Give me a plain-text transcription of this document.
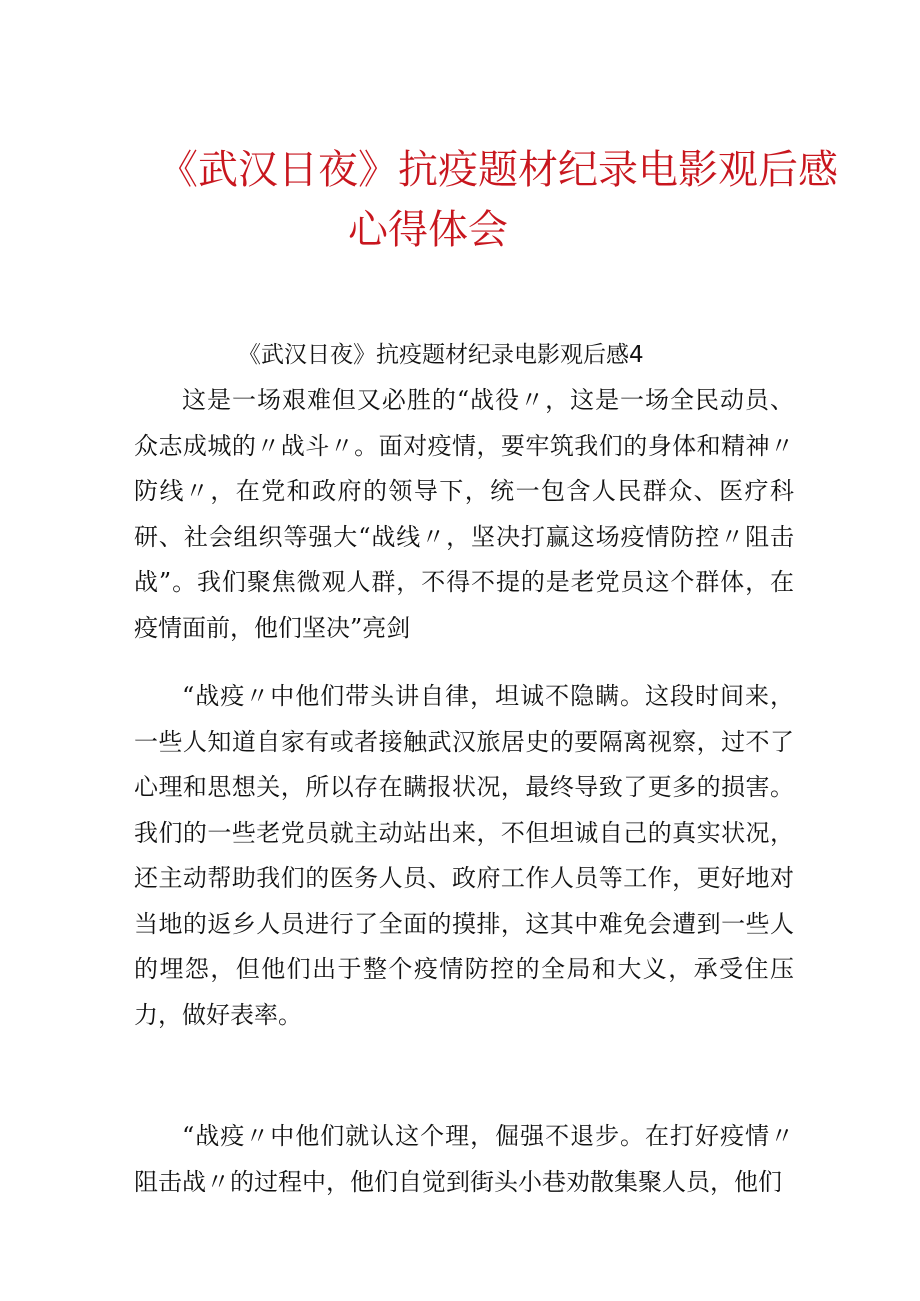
《武汉日夜》抗疫题材纪录电影观后感
心得体会
《武汉日夜》抗疫题材纪录电影观后感4

这是一场艰难但又必胜的“战役〃，这是一场全民动员、众志成城的〃战斗〃。面对疫情，要牢筑我们的身体和精神〃防线〃，在党和政府的领导下，统一包含人民群众、医疗科研、社会组织等强大“战线〃，坚决打赢这场疫情防控〃阻击战”。我们聚焦微观人群，不得不提的是老党员这个群体，在疫情面前，他们坚决”亮剑

“战疫〃中他们带头讲自律，坦诚不隐瞒。这段时间来，一些人知道自家有或者接触武汉旅居史的要隔离视察，过不了心理和思想关，所以存在瞒报状况，最终导致了更多的损害。我们的一些老党员就主动站出来，不但坦诚自己的真实状况，还主动帮助我们的医务人员、政府工作人员等工作，更好地对当地的返乡人员进行了全面的摸排，这其中难免会遭到一些人的埋怨，但他们出于整个疫情防控的全局和大义，承受住压力，做好表率。

“战疫〃中他们就认这个理，倔强不退步。在打好疫情〃阻击战〃的过程中，他们自觉到街头小巷劝散集聚人员，他们
